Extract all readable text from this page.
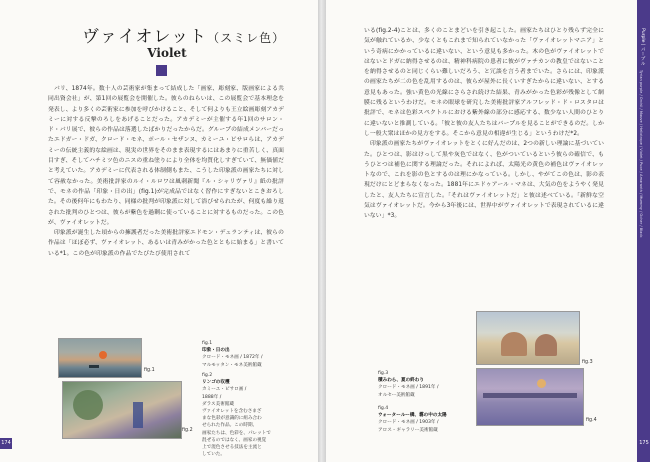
ヴァイオレット（スミレ色）
Violet

パリ、1874年。数十人の芸術家が集まって結成した「画家、彫刻家、版画家による共同出資会社」が、第1回の展覧会を開催した。彼らのねらいは、この展覧会で基本理念を発表し、より多くの芸術家に参加を呼びかけること、そして何よりも王立絵画彫刻アカデミーに対する反撃のろしをあげることだった。アカデミーが主催する年1回のサロン・ド・パリ展で、彼らの作品は落選したばかりだったからだ。グループの結成メンバーだったエドガー・ドガ、クロード・モネ、ポール・セザンヌ、カミーユ・ピサロらは、アカデミーの伝統主義的な絵画は、現実の世界をそのまま表現するにはあまりに重苦しく、真面目すぎ、そしてハチミツ色のニスの重ね塗りにより全体を均質化しすぎていて、無価値だと考えていた。アカデミーに代表される体制側もまた、こうした印象派の画家たちに対して容赦なかった。美術批評家のルイ・ルロワは風刺新聞『ル・シャリヴァリ』紙の批評で、モネの作品「印象・日の出」(fig.1)が完成品ではなく習作にすぎないとこきおろした。その後何年にもわたり、同様の批判が印象派に対して浴びせられたが、何度も繰り返された批判のひとつは、彼らが紫色を過剰に使っていることに対するものだった。この色が、ヴァイオレットだ。

印象派が誕生した頃からの擁護者だった美術批評家エドモン・デュランティは、彼らの作品は「ほぼ必ず、ヴァイオレット、あるいは青みがかった色とともに始まる」と書いている*1。この色が印象派の作品でたびたび使用されて

fig.1
fig.2
fig.1
印象・日の出
クロード・モネ画 / 1872年 /
マルモッタン・モネ美術館蔵
fig.2
リンゴの収穫
カミーユ・ピサロ画 /
1888年 /
ダラス美術館蔵
ヴァイオレットを含むさまざ
まな色彩が意識的に組み合わ
せられた作品。この時期、
画家たちは、色彩を、パレットで
混ぜるのではなく、画家の視覚
上で混色させる技法を主流と
していた。
174

いる(fig.2-4)ことは、多くのことまどいを引き起こした。画家たちはひとり残らず完全に気が触れているか、少なくともこれまで知られていなかった「ヴァイオレットマニア」という奇病にかかっているに違いない、という意見も多かった。木の色がヴァイオレットではないとドガに納得させるのは、精神科病院の患者に彼がヴァチカンの教皇ではないことを納得させるのと同じくらい難しいだろう、と冗談を言う者までいた。さらには、印象派の画家たちが二の色を乱用するのは、彼らが屋外に長くいすぎたからに違いない、とする意見もあった。強い黄色の光線にさらされ続けた結果、青みがかった色彩が残像として網膜に残るというわけだ。モネの眼球を研究した美術批評家アルフレッド・ド・ロスタロは批評で、モネは色彩スペクトルにおける紫外線の部分に感応する、数少ない人間のひとりに違いないと推測している。「彼と彼の友人たちはパープルを見ることができるのだ。しかし一般大衆はほかの見方をする。そこから意見の相違が生じる」というわけだ*2。

印象派の画家たちがヴァイオレットをとくに好んだのは、2つの新しい理論に基づいていた。ひとつは、影はけっして黒や灰色ではなく、色がついているという彼らの確信で、もうひとつは補色に関する理論だった。それによれば、太陽光の黄色の補色はヴァイオレットなので、これを影の色とするのは理にかなっている。しかし、やがてこの色は、影の表現だけにとどまらなくなった。1881年にエドゥアール・マネは、大気の色をようやく発見したと、友人たちに宣言した。「それはヴァイオレットだ」と彼は述べている。「新鮮な空気はヴァイオレットだ。今から3年後には、世界中がヴァイオレットで表現されているに違いない」*3。

fig.3
fig.4
fig.3
積みわら、夏の終わり
クロード・モネ画 / 1891年 /
オルセー美術館蔵
fig.4
ウォータールー橋、霧の中の太陽
クロード・モネ画 / 1903年 /
アロス・ギャラリー美術館蔵
Purple | パープル
Tyrian purple / Orchil / Mauve / Heliotrope / Violet / Puce / Amaranth / Mummy / Ocher / Black
175
